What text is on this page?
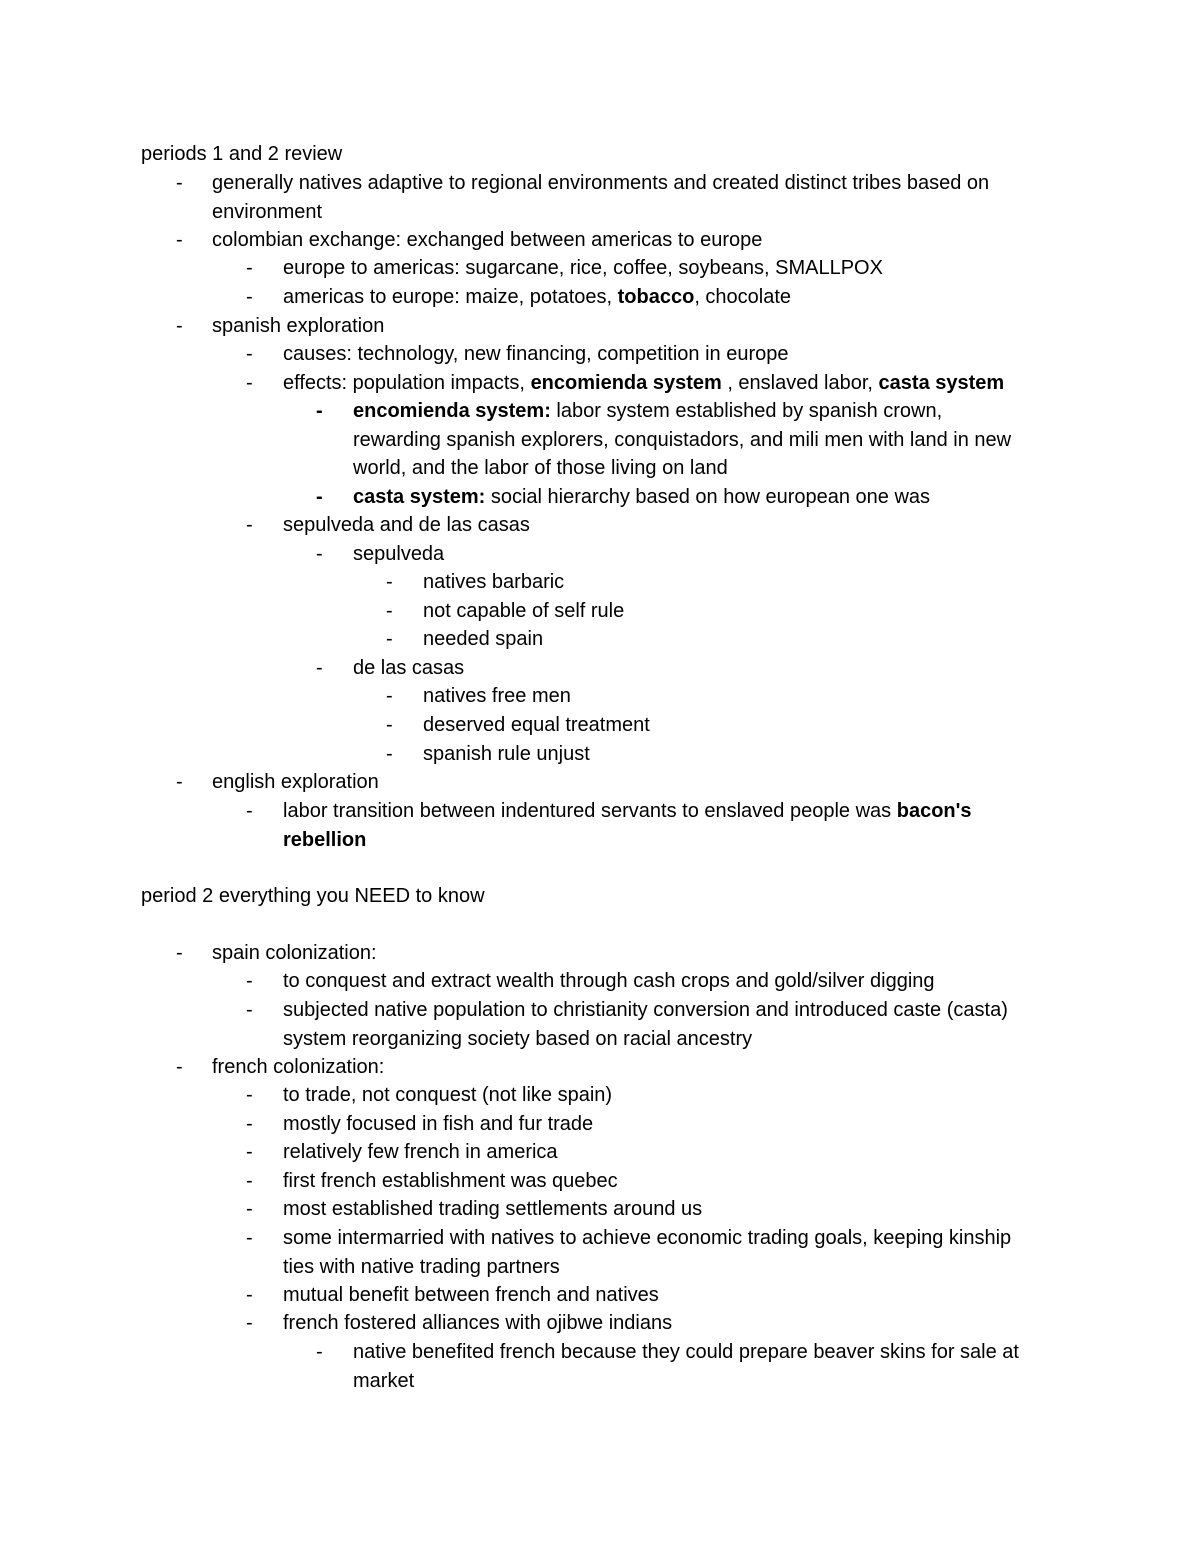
periods 1 and 2 review
- generally natives adaptive to regional environments and created distinct tribes based on environment
- colombian exchange: exchanged between americas to europe
- europe to americas: sugarcane, rice, coffee, soybeans, SMALLPOX
- americas to europe: maize, potatoes, tobacco, chocolate
- spanish exploration
- causes: technology, new financing, competition in europe
- effects: population impacts, encomienda system , enslaved labor, casta system
- encomienda system: labor system established by spanish crown, rewarding spanish explorers, conquistadors, and mili men with land in new world, and the labor of those living on land
- casta system: social hierarchy based on how european one was
- sepulveda and de las casas
- sepulveda
- natives barbaric
- not capable of self rule
- needed spain
- de las casas
- natives free men
- deserved equal treatment
- spanish rule unjust
- english exploration
- labor transition between indentured servants to enslaved people was bacon's rebellion
period 2 everything you NEED to know
- spain colonization:
- to conquest and extract wealth through cash crops and gold/silver digging
- subjected native population to christianity conversion and introduced caste (casta) system reorganizing society based on racial ancestry
- french colonization:
- to trade, not conquest (not like spain)
- mostly focused in fish and fur trade
- relatively few french in america
- first french establishment was quebec
- most established trading settlements around us
- some intermarried with natives to achieve economic trading goals, keeping kinship ties with native trading partners
- mutual benefit between french and natives
- french fostered alliances with ojibwe indians
- native benefited french because they could prepare beaver skins for sale at market
